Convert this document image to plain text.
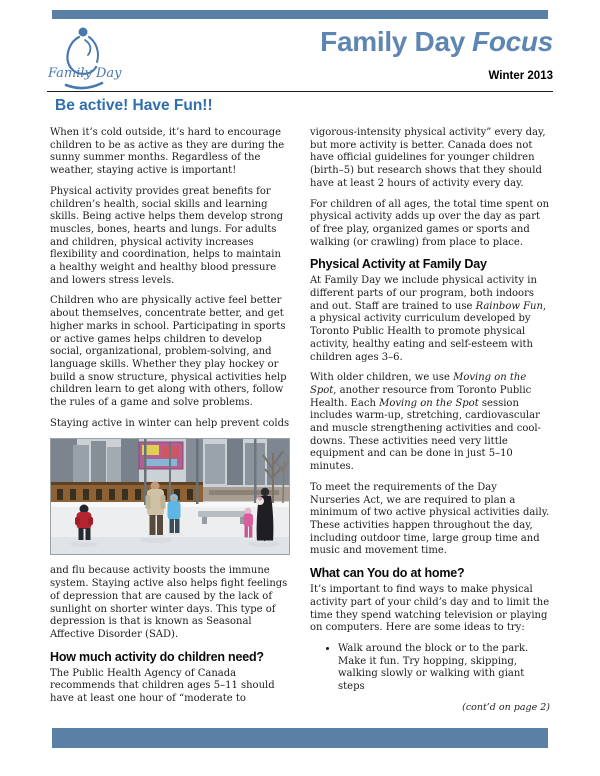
Family Day
Family Day Focus
Winter 2013
Be active! Have Fun!!

When it’s cold outside, it’s hard to encourage children to be as active as they are during the sunny summer months. Regardless of the weather, staying active is important!

Physical activity provides great benefits for children’s health, social skills and learning skills. Being active helps them develop strong muscles, bones, hearts and lungs. For adults and children, physical activity increases flexibility and coordination, helps to maintain a healthy weight and healthy blood pressure and lowers stress levels.

Children who are physically active feel better about themselves, concentrate better, and get higher marks in school. Participating in sports or active games helps children to develop social, organizational, problem-solving, and language skills. Whether they play hockey or build a snow structure, physical activities help children learn to get along with others, follow the rules of a game and solve problems.

Staying active in winter can help prevent colds

and flu because activity boosts the immune system. Staying active also helps fight feelings of depression that are caused by the lack of sunlight on shorter winter days. This type of depression is that is known as Seasonal Affective Disorder (SAD).

How much activity do children need?

The Public Health Agency of Canada recommends that children ages 5–11 should have at least one hour of “moderate to

vigorous-intensity physical activity” every day, but more activity is better. Canada does not have official guidelines for younger children (birth–5) but research shows that they should have at least 2 hours of activity every day.

For children of all ages, the total time spent on physical activity adds up over the day as part of free play, organized games or sports and walking (or crawling) from place to place.

Physical Activity at Family Day

At Family Day we include physical activity in different parts of our program, both indoors and out. Staff are trained to use Rainbow Fun, a physical activity curriculum developed by Toronto Public Health to promote physical activity, healthy eating and self-esteem with children ages 3–6.

With older children, we use Moving on the Spot, another resource from Toronto Public Health. Each Moving on the Spot session includes warm-up, stretching, cardiovascular and muscle strengthening activities and cool-downs. These activities need very little equipment and can be done in just 5–10 minutes.

To meet the requirements of the Day Nurseries Act, we are required to plan a minimum of two active physical activities daily. These activities happen throughout the day, including outdoor time, large group time and music and movement time.

What can You do at home?

It’s important to find ways to make physical activity part of your child’s day and to limit the time they spend watching television or playing on computers. Here are some ideas to try:

• Walk around the block or to the park. Make it fun. Try hopping, skipping, walking slowly or walking with giant steps
(cont’d on page 2)
